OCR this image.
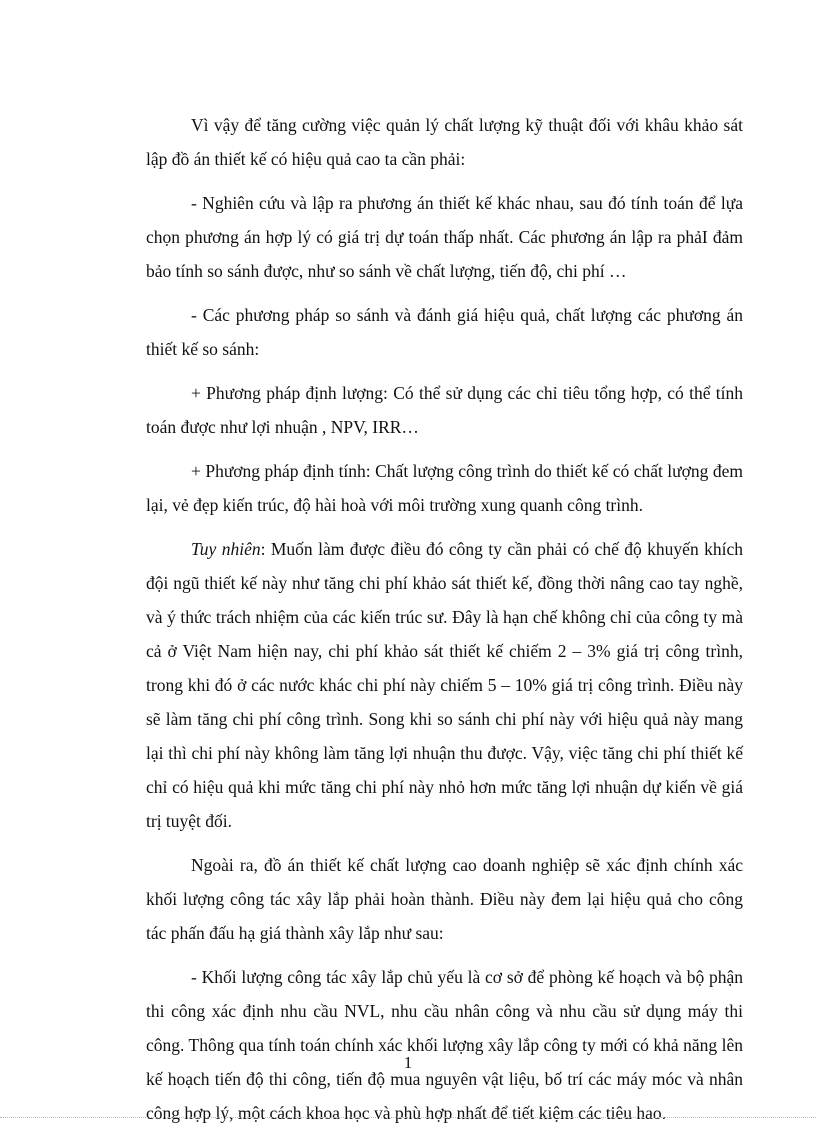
Vì vậy để tăng cường việc quản lý chất lượng kỹ thuật đối với khâu khảo sát lập đồ án thiết kế có hiệu quả cao ta cần phải:

- Nghiên cứu và lập ra phương án thiết kế khác nhau, sau đó tính toán để lựa chọn phương án hợp lý có giá trị dự toán thấp nhất. Các phương án lập ra phảI đảm bảo tính so sánh được, như so sánh về chất lượng, tiến độ, chi phí …

- Các phương pháp so sánh và đánh giá hiệu quả, chất lượng các phương án thiết kế so sánh:

+ Phương pháp định lượng: Có thể sử dụng các chỉ tiêu tổng hợp, có thể tính toán được như lợi nhuận , NPV, IRR…

+ Phương pháp định tính: Chất lượng công trình do thiết kế có chất lượng đem lại, vẻ đẹp kiến trúc, độ hài hoà với môi trường xung quanh công trình.

Tuy nhiên: Muốn làm được điều đó công ty cần phải có chế độ khuyến khích đội ngũ thiết kế này như tăng chi phí khảo sát thiết kế, đồng thời nâng cao tay nghề, và ý thức trách nhiệm của các kiến trúc sư. Đây là hạn chế không chỉ của công ty mà cả ở Việt Nam hiện nay, chi phí khảo sát thiết kế chiếm 2 – 3% giá trị công trình, trong khi đó ở các nước khác chi phí này chiếm 5 – 10% giá trị công trình. Điều này sẽ làm tăng chi phí công trình. Song khi so sánh chi phí này với hiệu quả này mang lại thì chi phí này không làm tăng lợi nhuận thu được. Vậy, việc tăng chi phí thiết kế chỉ có hiệu quả khi mức tăng chi phí này nhỏ hơn mức tăng lợi nhuận dự kiến về giá trị tuyệt đối.

Ngoài ra, đồ án thiết kế chất lượng cao doanh nghiệp sẽ xác định chính xác khối lượng công tác xây lắp phải hoàn thành. Điều này đem lại hiệu quả cho công tác phấn đấu hạ giá thành xây lắp như sau:

- Khối lượng công tác xây lắp chủ yếu là cơ sở để phòng kế hoạch và bộ phận thi công xác định nhu cầu NVL, nhu cầu nhân công và nhu cầu sử dụng máy thi công. Thông qua tính toán chính xác khối lượng xây lắp công ty mới có khả năng lên kế hoạch tiến độ thi công, tiến độ mua nguyên vật liệu, bố trí các máy móc và nhân công hợp lý, một cách khoa học và phù hợp nhất để tiết kiệm các tiêu hao.

1
